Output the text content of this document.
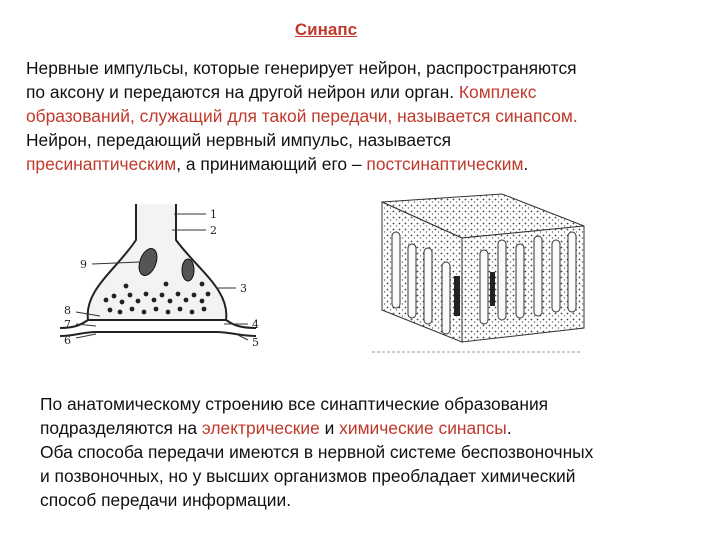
Синапс

Нервные импульсы, которые генерирует нейрон, распространяются
по аксону и передаются на другой нейрон или орган. Комплекс
образований, служащий для такой передачи, называется синапсом.
Нейрон, передающий нервный импульс, называется
пресинаптическим, а принимающий его – постсинаптическим.

1
2
3
4
5
6
7
8
9

По анатомическому строению все синаптические образования
подразделяются на электрические и химические синапсы.
Оба способа передачи имеются в нервной системе беспозвоночных
и позвоночных, но у высших организмов преобладает химический
способ передачи информации.
